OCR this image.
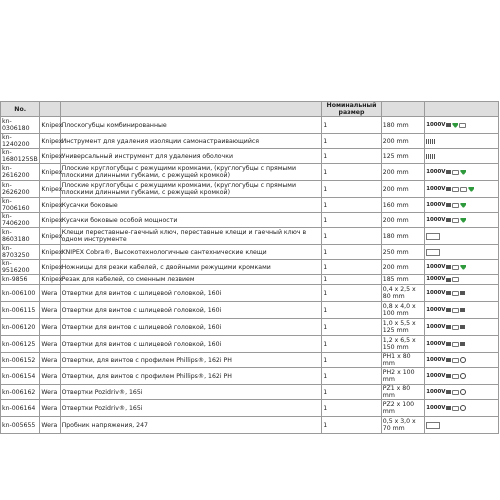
No.			Номинальный размер		
kn-0306180	Knipex	Плоскогубцы комбинированные	1	180 mm	1000V

kn-1240200	Knipex	Инструмент для удаления изоляции самонастраивающийся	1	200 mm	

kn-1680125SB	Knipex	Универсальный инструмент для удаления оболочки	1	125 mm	

kn-2616200	Knipex	Плоские круглогубцы с режущими кромками, (круглогубцы с прямыми плоскими длинными губками, с режущей кромкой)	1	200 mm	1000V

kn-2626200	Knipex	Плоские круглогубцы с режущими кромками, (круглогубцы с прямыми плоскими длинными губками, с режущей кромкой)	1	200 mm	1000V

kn-7006160	Knipex	Кусачки боковые	1	160 mm	1000V

kn-7406200	Knipex	Кусачки боковые особой мощности	1	200 mm	1000V

kn-8603180	Knipex	Клещи переставные-гаечный ключ, переставные клещи и гаечный ключ в одном инструменте	1	180 mm	

kn-8703250	Knipex	KNIPEX Cobra®, Высокотехнологичные сантехнические клещи	1	250 mm	

kn-9516200	Knipex	Ножницы для резки кабелей, с двойными режущими кромками	1	200 mm	1000V

kn-9856	Knipex	Резак для кабелей, со сменным лезвием	1	185 mm	1000V

kn-006100	Wera	Отвертки для винтов с шлицевой головкой, 160i	1	0,4 x 2,5 x 80 mm	1000V

kn-006115	Wera	Отвертки для винтов с шлицевой головкой, 160i	1	0,8 x 4,0 x 100 mm	1000V

kn-006120	Wera	Отвертки для винтов с шлицевой головкой, 160i	1	1,0 x 5,5 x 125 mm	1000V

kn-006125	Wera	Отвертки для винтов с шлицевой головкой, 160i	1	1,2 x 6,5 x 150 mm	1000V

kn-006152	Wera	Отвертки, для винтов с профилем Phillips®, 162i PH	1	PH1 x 80 mm	1000V

kn-006154	Wera	Отвертки, для винтов с профилем Phillips®, 162i PH	1	PH2 x 100 mm	1000V

kn-006162	Wera	Отвертки Pozidriv®, 165i	1	PZ1 x 80 mm	1000V

kn-006164	Wera	Отвертки Pozidriv®, 165i	1	PZ2 x 100 mm	1000V

kn-005655	Wera	Пробник напряжения, 247	1	0,5 x 3,0 x 70 mm	
